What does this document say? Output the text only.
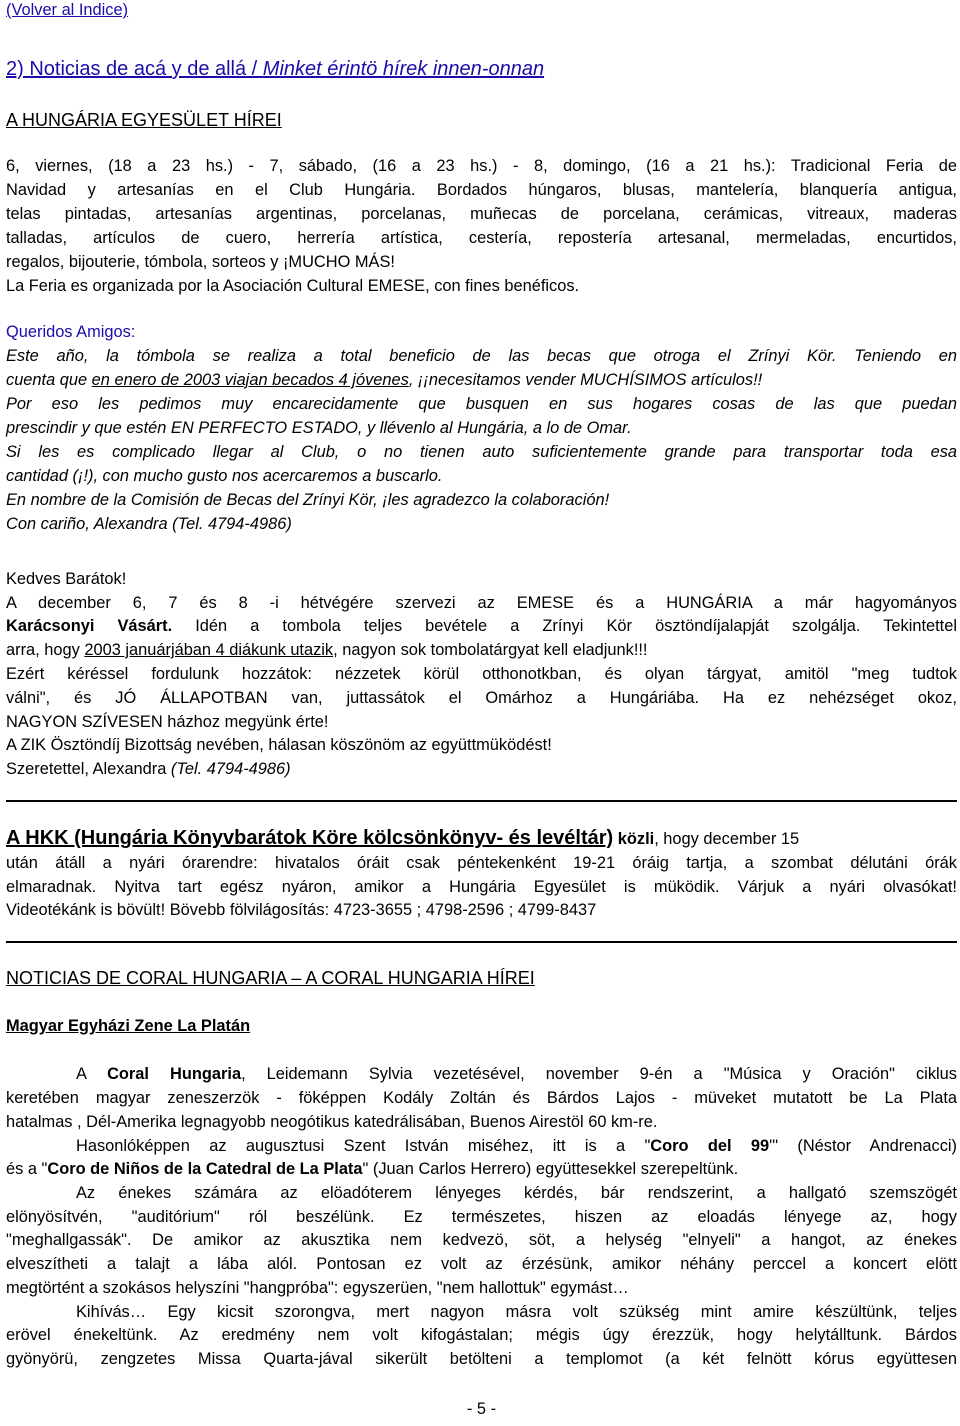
(Volver al Indice)
2) Noticias de acá y de allá / Minket érintö hírek innen-onnan
A HUNGÁRIA EGYESÜLET HÍREI
6, viernes, (18 a 23 hs.) - 7, sábado, (16 a 23 hs.) - 8, domingo, (16 a 21 hs.): Tradicional Feria de
Navidad y artesanías en el Club Hungária. Bordados húngaros, blusas, mantelería, blanquería antigua,
telas pintadas, artesanías argentinas, porcelanas, muñecas de porcelana, cerámicas, vitreaux, maderas
talladas, artículos de cuero, herrería artística, cestería, repostería artesanal, mermeladas, encurtidos,
regalos, bijouterie, tómbola, sorteos y ¡MUCHO MÁS!
La Feria es organizada por la Asociación Cultural EMESE, con fines benéficos.
Queridos Amigos:
Este año, la tómbola se realiza a total beneficio de las becas que otroga el Zrínyi Kör. Teniendo en
cuenta que en enero de 2003 viajan becados 4 jóvenes, ¡¡necesitamos vender MUCHÍSIMOS artículos!!
Por eso les pedimos muy encarecidamente que busquen en sus hogares cosas de las que puedan
prescindir y que estén EN PERFECTO ESTADO, y llévenlo al Hungária, a lo de Omar.
Si les es complicado llegar al Club, o no tienen auto suficientemente grande para transportar toda esa
cantidad (¡!), con mucho gusto nos acercaremos a buscarlo.
En nombre de la Comisión de Becas del Zrínyi Kör, ¡les agradezco la colaboración!
Con cariño, Alexandra (Tel. 4794-4986)
Kedves Barátok!
A december 6, 7 és 8 -i hétvégére szervezi az EMESE és a HUNGÁRIA a már hagyományos
Karácsonyi Vásárt. Idén a tombola teljes bevétele a Zrínyi Kör ösztöndíjalapját szolgálja. Tekintettel
arra, hogy 2003 januárjában 4 diákunk utazik, nagyon sok tombolatárgyat kell eladjunk!!!
Ezért kéréssel fordulunk hozzátok: nézzetek körül otthonotkban, és olyan tárgyat, amitöl "meg tudtok
válni", és JÓ ÁLLAPOTBAN van, juttassátok el Omárhoz a Hungáriába. Ha ez nehézséget okoz,
NAGYON SZÍVESEN házhoz megyünk érte!
A ZIK Ösztöndíj Bizottság nevében, hálasan köszönöm az együttmüködést!
Szeretettel, Alexandra (Tel. 4794-4986)
A HKK (Hungária Könyvbarátok Köre kölcsönkönyv- és levéltár) közli, hogy december 15
után átáll a nyári órarendre: hivatalos óráit csak péntekenként 19-21 óráig tartja, a szombat délutáni órák
elmaradnak. Nyitva tart egész nyáron, amikor a Hungária Egyesület is müködik. Várjuk a nyári olvasókat!
Videotékánk is bövült! Bövebb fölvilágosítás: 4723-3655 ; 4798-2596 ; 4799-8437
NOTICIAS DE CORAL HUNGARIA – A CORAL HUNGARIA HÍREI
Magyar Egyházi Zene La Platán
A Coral Hungaria, Leidemann Sylvia vezetésével, november 9-én a "Música y Oración" ciklus
keretében magyar zeneszerzök - föképpen Kodály Zoltán és Bárdos Lajos - müveket mutatott be La Plata
hatalmas , Dél-Amerika legnagyobb neogótikus katedrálisában, Buenos Airestöl 60 km-re.
Hasonlóképpen az augusztusi Szent István miséhez, itt is a "Coro del 99'" (Néstor Andrenacci)
és a "Coro de Niños de la Catedral de La Plata" (Juan Carlos Herrero) együttesekkel szerepeltünk.
Az énekes számára az elöadóterem lényeges kérdés, bár rendszerint, a hallgató szemszögét
elönyösítvén, "auditórium" ról beszélünk. Ez természetes, hiszen az eloadás lényege az, hogy
"meghallgassák". De amikor az akusztika nem kedvezö, söt, a helység "elnyeli" a hangot, az énekes
elveszítheti a talajt a lába alól. Pontosan ez volt az érzésünk, amikor néhány perccel a koncert elött
megtörtént a szokásos helyszíni "hangpróba": egyszerüen, "nem hallottuk" egymást…
Kihívás… Egy kicsit szorongva, mert nagyon másra volt szükség mint amire készültünk, teljes
erövel énekeltünk. Az eredmény nem volt kifogástalan; mégis úgy érezzük, hogy helytálltunk. Bárdos
gyönyörü, zengzetes Missa Quarta-jával sikerült betölteni a templomot (a két felnött kórus együttesen
- 5 -
